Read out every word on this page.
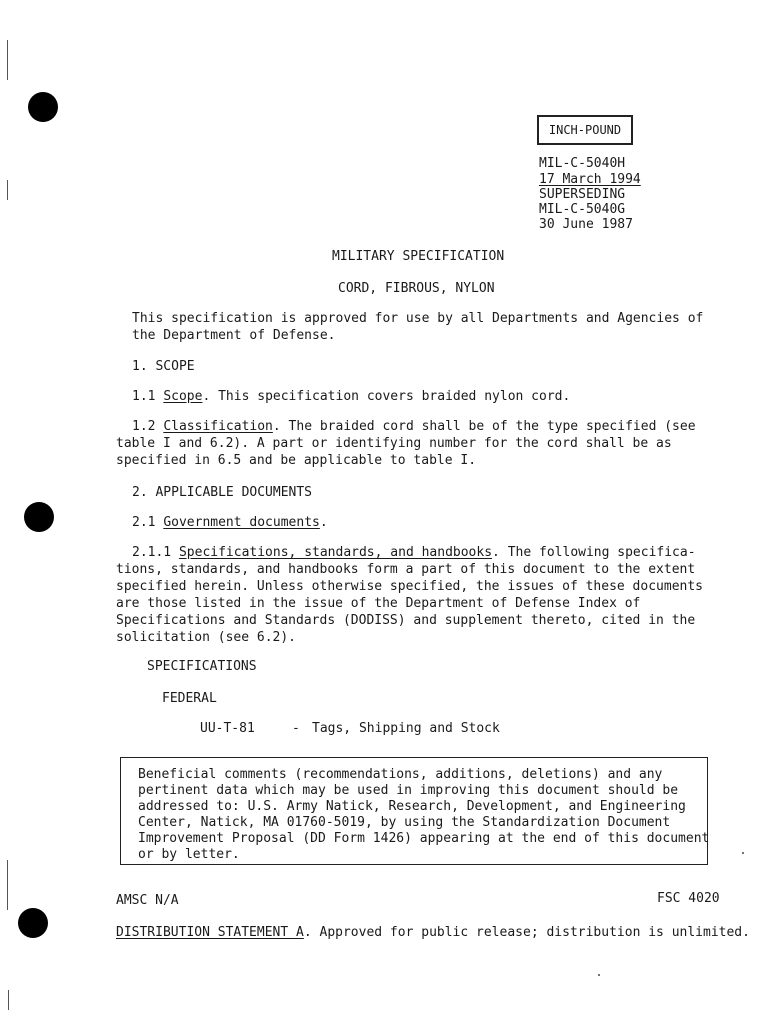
INCH-POUND
MIL-C-5040H
17 March 1994
SUPERSEDING
MIL-C-5040G
30 June 1987
MILITARY SPECIFICATION
CORD, FIBROUS, NYLON
This specification is approved for use by all Departments and Agencies of
the Department of Defense.
1. SCOPE
1.1 Scope. This specification covers braided nylon cord.
1.2 Classification. The braided cord shall be of the type specified (see
table I and 6.2). A part or identifying number for the cord shall be as
specified in 6.5 and be applicable to table I.
2. APPLICABLE DOCUMENTS
2.1 Government documents.
2.1.1 Specifications, standards, and handbooks. The following specifica-
tions, standards, and handbooks form a part of this document to the extent
specified herein. Unless otherwise specified, the issues of these documents
are those listed in the issue of the Department of Defense Index of
Specifications and Standards (DODISS) and supplement thereto, cited in the
solicitation (see 6.2).
SPECIFICATIONS
FEDERAL
UU-T-81	- Tags, Shipping and Stock
Beneficial comments (recommendations, additions, deletions) and any
pertinent data which may be used in improving this document should be
addressed to: U.S. Army Natick, Research, Development, and Engineering
Center, Natick, MA 01760-5019, by using the Standardization Document
Improvement Proposal (DD Form 1426) appearing at the end of this document
or by letter.
AMSC N/A	FSC 4020
DISTRIBUTION STATEMENT A. Approved for public release; distribution is unlimited.
